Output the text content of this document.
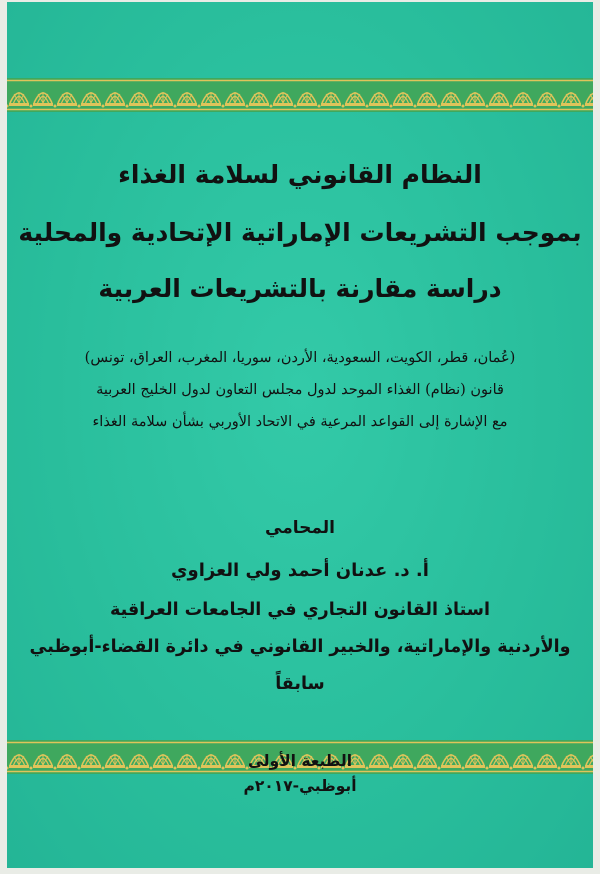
النظام القانوني لسلامة الغذاء
بموجب التشريعات الإماراتية الإتحادية والمحلية
دراسة مقارنة بالتشريعات العربية
(عُمان، قطر، الكويت، السعودية، الأردن، سوريا، المغرب، العراق، تونس)
قانون (نظام) الغذاء الموحد لدول مجلس التعاون لدول الخليج العربية
مع الإشارة إلى القواعد المرعية في الاتحاد الأوربي بشأن سلامة الغذاء
المحامي
أ. د. عدنان أحمد ولي العزاوي
استاذ القانون التجاري في الجامعات العراقية
والأردنية والإماراتية، والخبير القانوني في دائرة القضاء-أبوظبي
سابقاً
الطبعة الأولى
أبوظبي-٢٠١٧م
